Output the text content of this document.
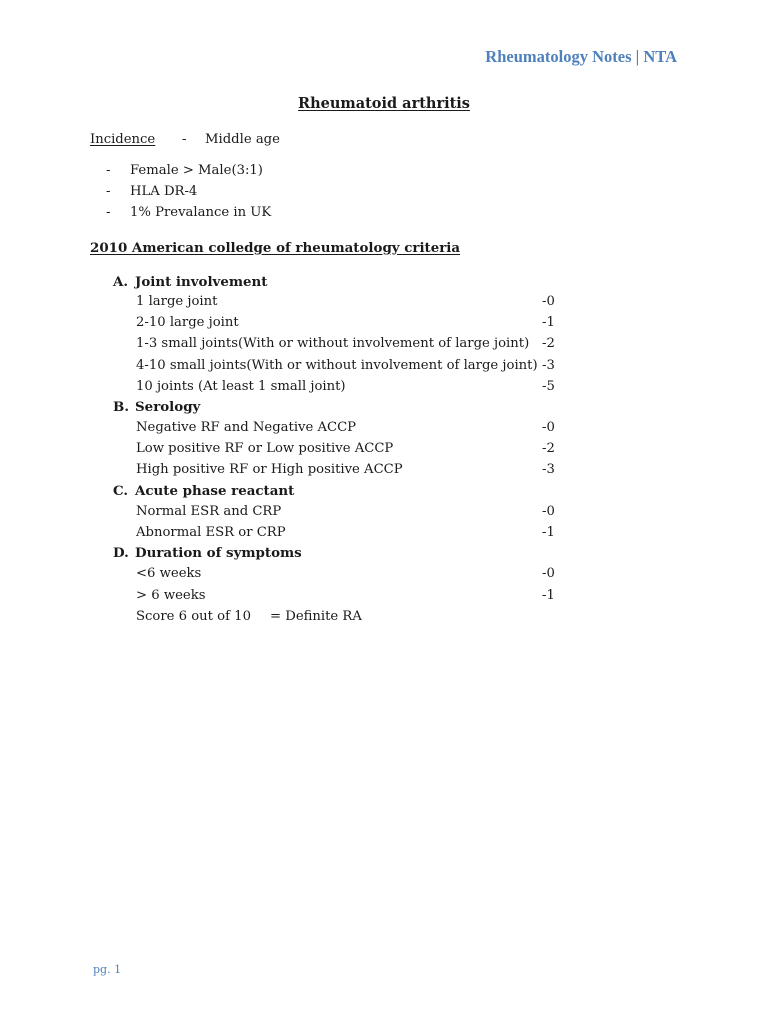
Rheumatology Notes | NTA
Rheumatoid arthritis
Incidence - Middle age
- Female > Male(3:1)
- HLA DR-4
- 1% Prevalance in UK
2010 American colledge of rheumatology criteria
A. Joint involvement
1 large joint	-0
2-10 large joint	-1
1-3 small joints(With or without involvement of large joint) -2
4-10 small joints(With or without involvement of large joint) -3
10 joints (At least 1 small joint)	-5
B. Serology
Negative RF and Negative ACCP	-0
Low positive RF or Low positive ACCP	-2
High positive RF or High positive ACCP	-3
C. Acute phase reactant
Normal ESR and CRP	-0
Abnormal ESR or CRP	-1
D. Duration of symptoms
<6 weeks	-0
> 6 weeks	-1
Score 6 out of 10 = Definite RA
pg. 1
